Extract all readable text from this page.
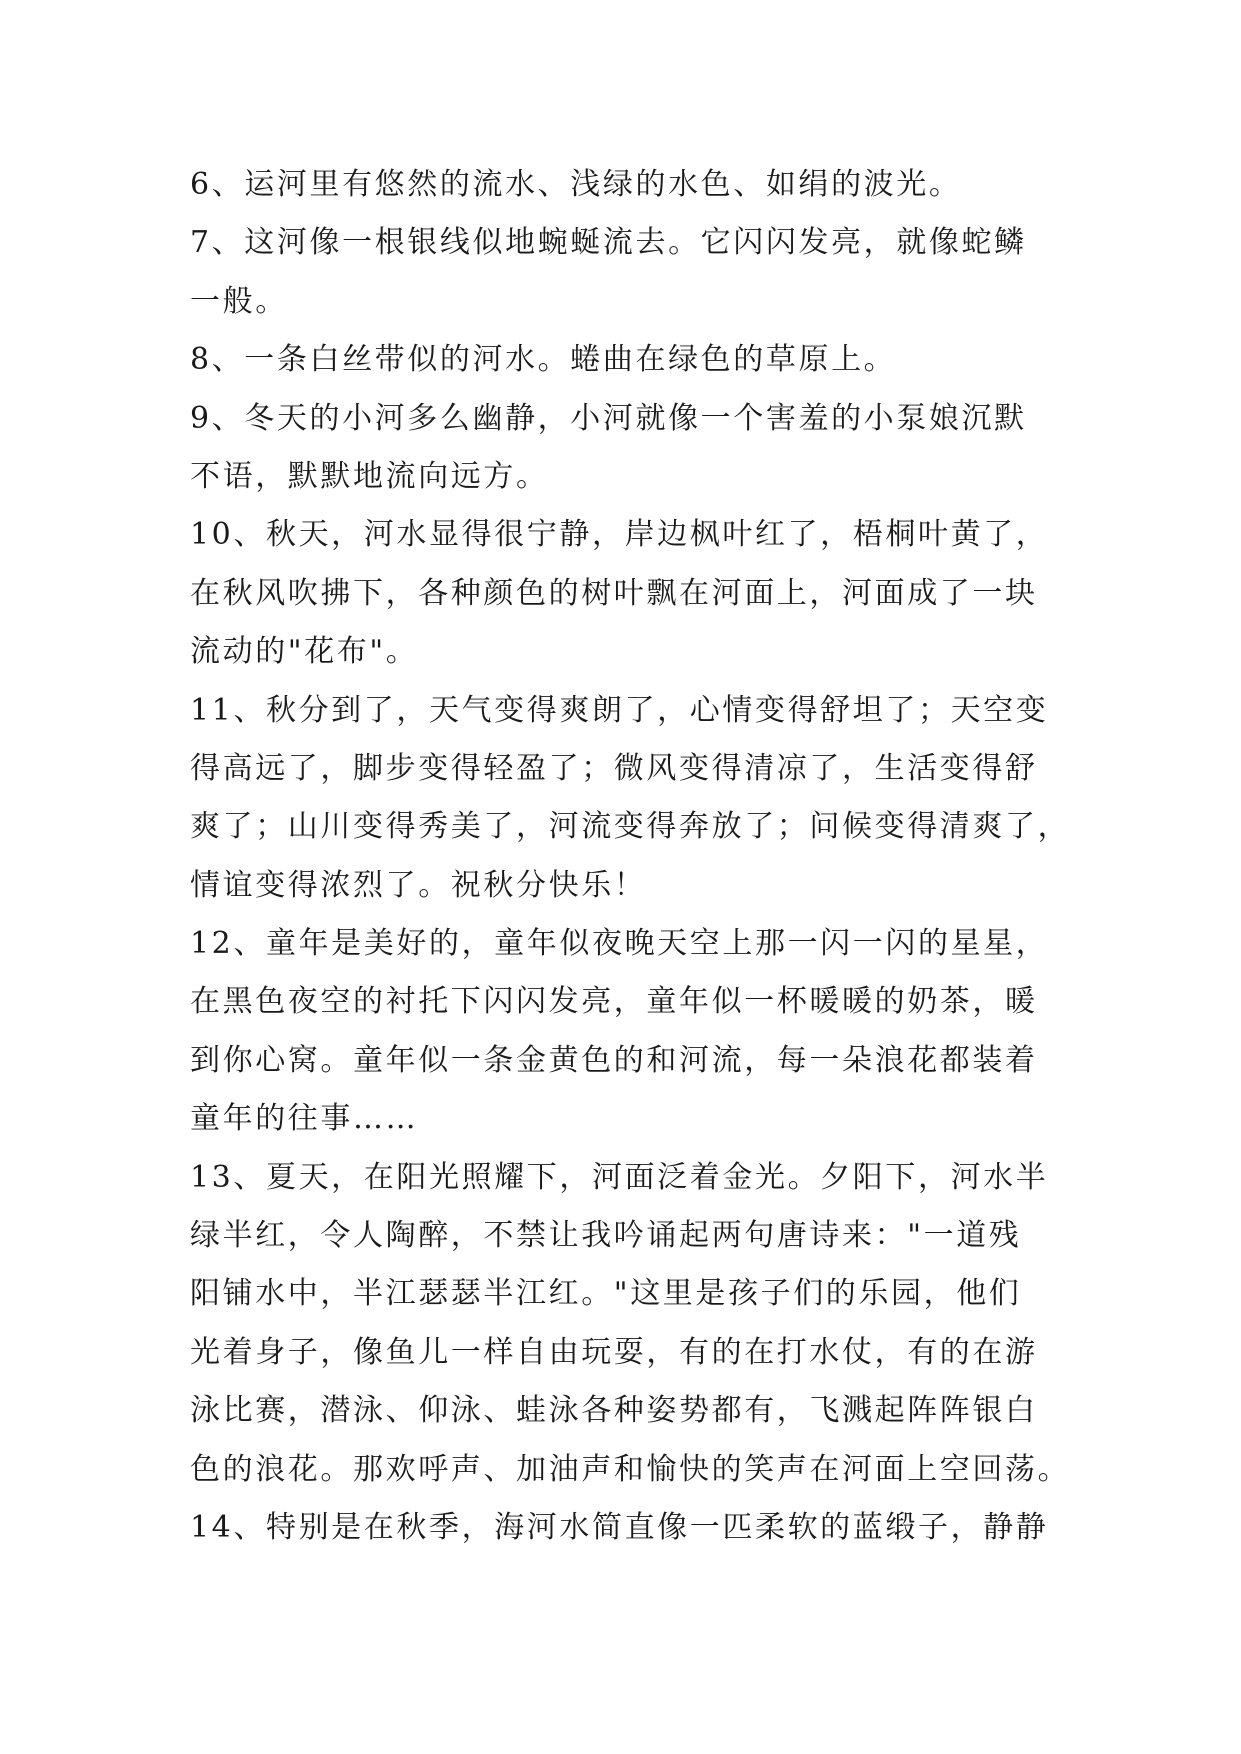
6、运河里有悠然的流水、浅绿的水色、如绢的波光。
7、这河像一根银线似地蜿蜒流去。它闪闪发亮，就像蛇鳞
一般。
8、一条白丝带似的河水。蜷曲在绿色的草原上。
9、冬天的小河多么幽静，小河就像一个害羞的小泵娘沉默
不语，默默地流向远方。
10、秋天，河水显得很宁静，岸边枫叶红了，梧桐叶黄了，
在秋风吹拂下，各种颜色的树叶飘在河面上，河面成了一块
流动的"花布"。
11、秋分到了，天气变得爽朗了，心情变得舒坦了；天空变
得高远了，脚步变得轻盈了；微风变得清凉了，生活变得舒
爽了；山川变得秀美了，河流变得奔放了；问候变得清爽了，
情谊变得浓烈了。祝秋分快乐！
12、童年是美好的，童年似夜晚天空上那一闪一闪的星星，
在黑色夜空的衬托下闪闪发亮，童年似一杯暖暖的奶茶，暖
到你心窝。童年似一条金黄色的和河流，每一朵浪花都装着
童年的往事……
13、夏天，在阳光照耀下，河面泛着金光。夕阳下，河水半
绿半红，令人陶醉，不禁让我吟诵起两句唐诗来："一道残
阳铺水中，半江瑟瑟半江红。"这里是孩子们的乐园，他们
光着身子，像鱼儿一样自由玩耍，有的在打水仗，有的在游
泳比赛，潜泳、仰泳、蛙泳各种姿势都有，飞溅起阵阵银白
色的浪花。那欢呼声、加油声和愉快的笑声在河面上空回荡。
14、特别是在秋季，海河水简直像一匹柔软的蓝缎子，静静
